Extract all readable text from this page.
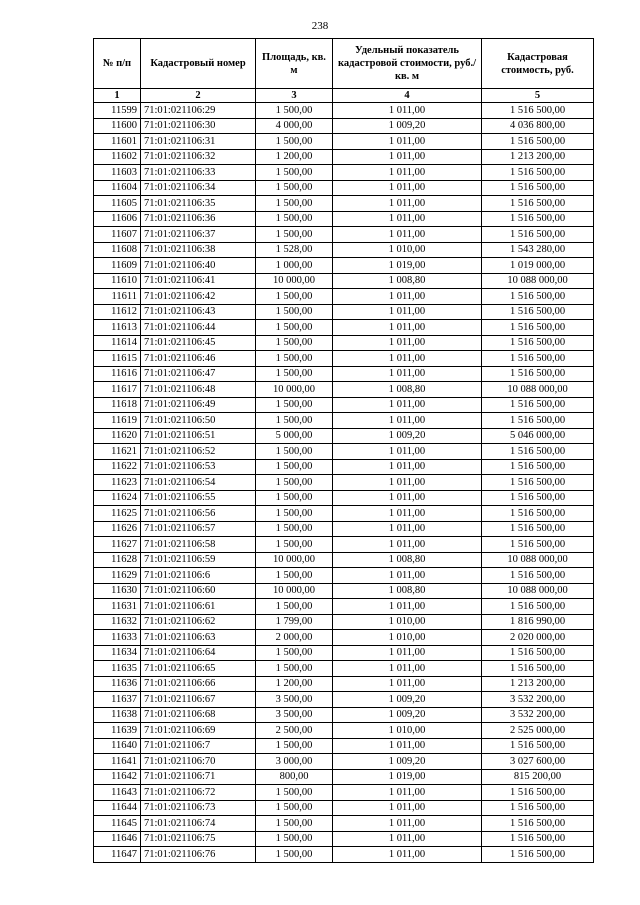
238
№ п/п	Кадастровый номер	Площадь, кв. м	Удельный показатель кадастровой стоимости, руб./кв. м	Кадастровая стоимость, руб.
1	2	3	4	5
11599	71:01:021106:29	1 500,00	1 011,00	1 516 500,00
11600	71:01:021106:30	4 000,00	1 009,20	4 036 800,00
11601	71:01:021106:31	1 500,00	1 011,00	1 516 500,00
11602	71:01:021106:32	1 200,00	1 011,00	1 213 200,00
11603	71:01:021106:33	1 500,00	1 011,00	1 516 500,00
11604	71:01:021106:34	1 500,00	1 011,00	1 516 500,00
11605	71:01:021106:35	1 500,00	1 011,00	1 516 500,00
11606	71:01:021106:36	1 500,00	1 011,00	1 516 500,00
11607	71:01:021106:37	1 500,00	1 011,00	1 516 500,00
11608	71:01:021106:38	1 528,00	1 010,00	1 543 280,00
11609	71:01:021106:40	1 000,00	1 019,00	1 019 000,00
11610	71:01:021106:41	10 000,00	1 008,80	10 088 000,00
11611	71:01:021106:42	1 500,00	1 011,00	1 516 500,00
11612	71:01:021106:43	1 500,00	1 011,00	1 516 500,00
11613	71:01:021106:44	1 500,00	1 011,00	1 516 500,00
11614	71:01:021106:45	1 500,00	1 011,00	1 516 500,00
11615	71:01:021106:46	1 500,00	1 011,00	1 516 500,00
11616	71:01:021106:47	1 500,00	1 011,00	1 516 500,00
11617	71:01:021106:48	10 000,00	1 008,80	10 088 000,00
11618	71:01:021106:49	1 500,00	1 011,00	1 516 500,00
11619	71:01:021106:50	1 500,00	1 011,00	1 516 500,00
11620	71:01:021106:51	5 000,00	1 009,20	5 046 000,00
11621	71:01:021106:52	1 500,00	1 011,00	1 516 500,00
11622	71:01:021106:53	1 500,00	1 011,00	1 516 500,00
11623	71:01:021106:54	1 500,00	1 011,00	1 516 500,00
11624	71:01:021106:55	1 500,00	1 011,00	1 516 500,00
11625	71:01:021106:56	1 500,00	1 011,00	1 516 500,00
11626	71:01:021106:57	1 500,00	1 011,00	1 516 500,00
11627	71:01:021106:58	1 500,00	1 011,00	1 516 500,00
11628	71:01:021106:59	10 000,00	1 008,80	10 088 000,00
11629	71:01:021106:6	1 500,00	1 011,00	1 516 500,00
11630	71:01:021106:60	10 000,00	1 008,80	10 088 000,00
11631	71:01:021106:61	1 500,00	1 011,00	1 516 500,00
11632	71:01:021106:62	1 799,00	1 010,00	1 816 990,00
11633	71:01:021106:63	2 000,00	1 010,00	2 020 000,00
11634	71:01:021106:64	1 500,00	1 011,00	1 516 500,00
11635	71:01:021106:65	1 500,00	1 011,00	1 516 500,00
11636	71:01:021106:66	1 200,00	1 011,00	1 213 200,00
11637	71:01:021106:67	3 500,00	1 009,20	3 532 200,00
11638	71:01:021106:68	3 500,00	1 009,20	3 532 200,00
11639	71:01:021106:69	2 500,00	1 010,00	2 525 000,00
11640	71:01:021106:7	1 500,00	1 011,00	1 516 500,00
11641	71:01:021106:70	3 000,00	1 009,20	3 027 600,00
11642	71:01:021106:71	800,00	1 019,00	815 200,00
11643	71:01:021106:72	1 500,00	1 011,00	1 516 500,00
11644	71:01:021106:73	1 500,00	1 011,00	1 516 500,00
11645	71:01:021106:74	1 500,00	1 011,00	1 516 500,00
11646	71:01:021106:75	1 500,00	1 011,00	1 516 500,00
11647	71:01:021106:76	1 500,00	1 011,00	1 516 500,00
